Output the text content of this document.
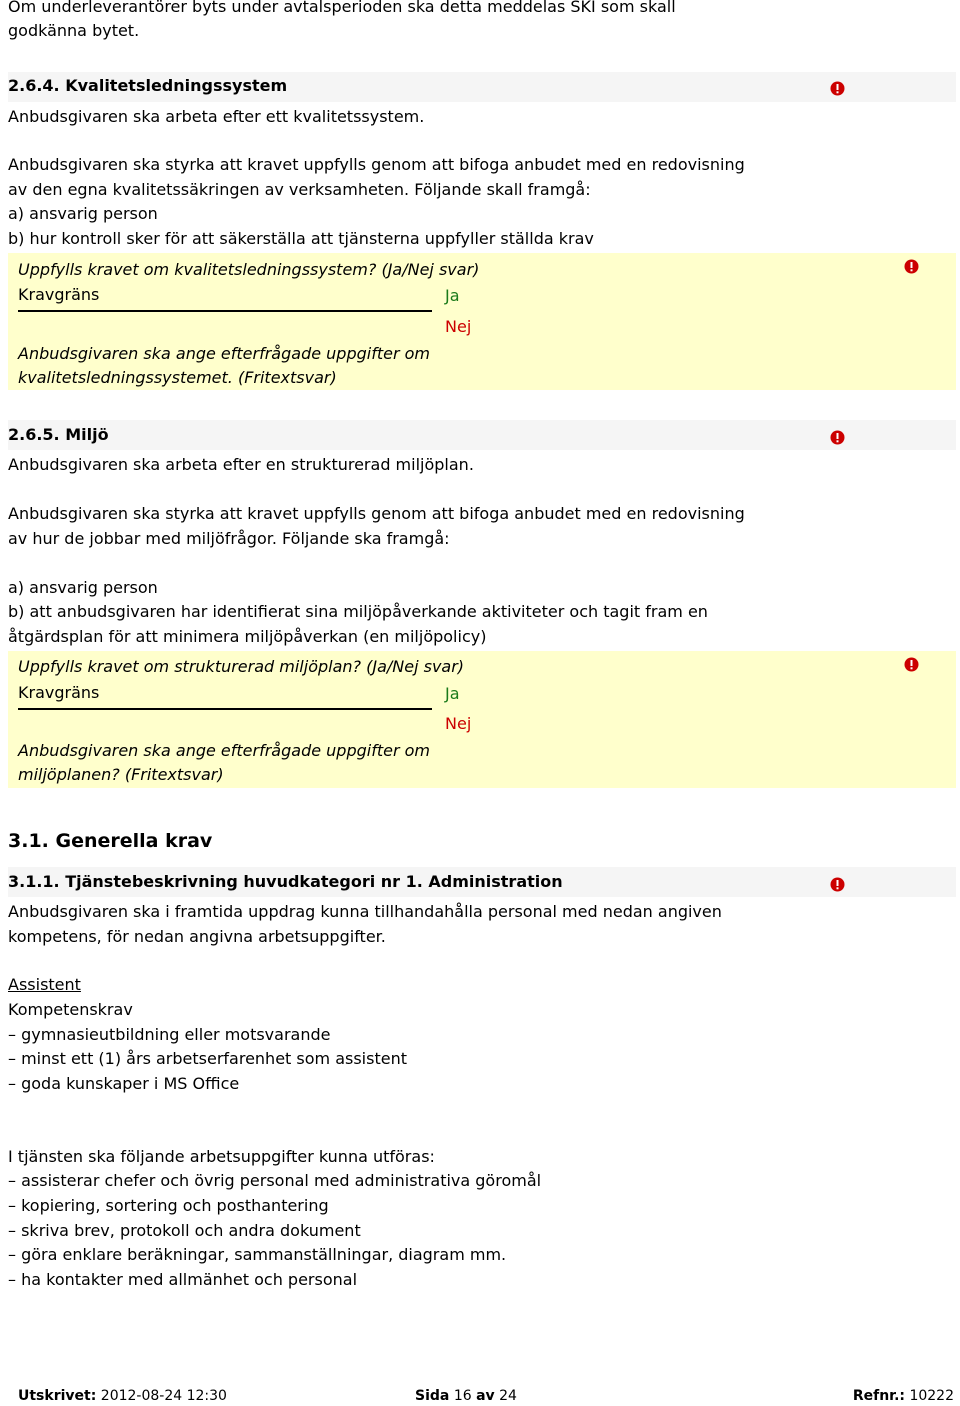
Om underleverantörer byts under avtalsperioden ska detta meddelas SKI som skall
godkänna bytet.
2.6.4. Kvalitetsledningssystem
Anbudsgivaren ska arbeta efter ett kvalitetssystem.
Anbudsgivaren ska styrka att kravet uppfylls genom att bifoga anbudet med en redovisning
av den egna kvalitetssäkringen av verksamheten. Följande skall framgå:
a) ansvarig person
b) hur kontroll sker för att säkerställa att tjänsterna uppfyller ställda krav
Uppfylls kravet om kvalitetsledningssystem? (Ja/Nej svar)
Kravgräns	Ja
Nej
Anbudsgivaren ska ange efterfrågade uppgifter om
kvalitetsledningssystemet. (Fritextsvar)
2.6.5. Miljö
Anbudsgivaren ska arbeta efter en strukturerad miljöplan.
Anbudsgivaren ska styrka att kravet uppfylls genom att bifoga anbudet med en redovisning
av hur de jobbar med miljöfrågor. Följande ska framgå:
a) ansvarig person
b) att anbudsgivaren har identifierat sina miljöpåverkande aktiviteter och tagit fram en
åtgärdsplan för att minimera miljöpåverkan (en miljöpolicy)
Uppfylls kravet om strukturerad miljöplan? (Ja/Nej svar)
Kravgräns	Ja
Nej
Anbudsgivaren ska ange efterfrågade uppgifter om
miljöplanen? (Fritextsvar)
3.1. Generella krav
3.1.1. Tjänstebeskrivning huvudkategori nr 1. Administration
Anbudsgivaren ska i framtida uppdrag kunna tillhandahålla personal med nedan angiven
kompetens, för nedan angivna arbetsuppgifter.
Assistent
Kompetenskrav
– gymnasieutbildning eller motsvarande
– minst ett (1) års arbetserfarenhet som assistent
– goda kunskaper i MS Office
I tjänsten ska följande arbetsuppgifter kunna utföras:
– assisterar chefer och övrig personal med administrativa göromål
– kopiering, sortering och posthantering
– skriva brev, protokoll och andra dokument
– göra enklare beräkningar, sammanställningar, diagram mm.
– ha kontakter med allmänhet och personal
Utskrivet: 2012-08-24 12:30	Sida 16 av 24	Refnr.: 10222
